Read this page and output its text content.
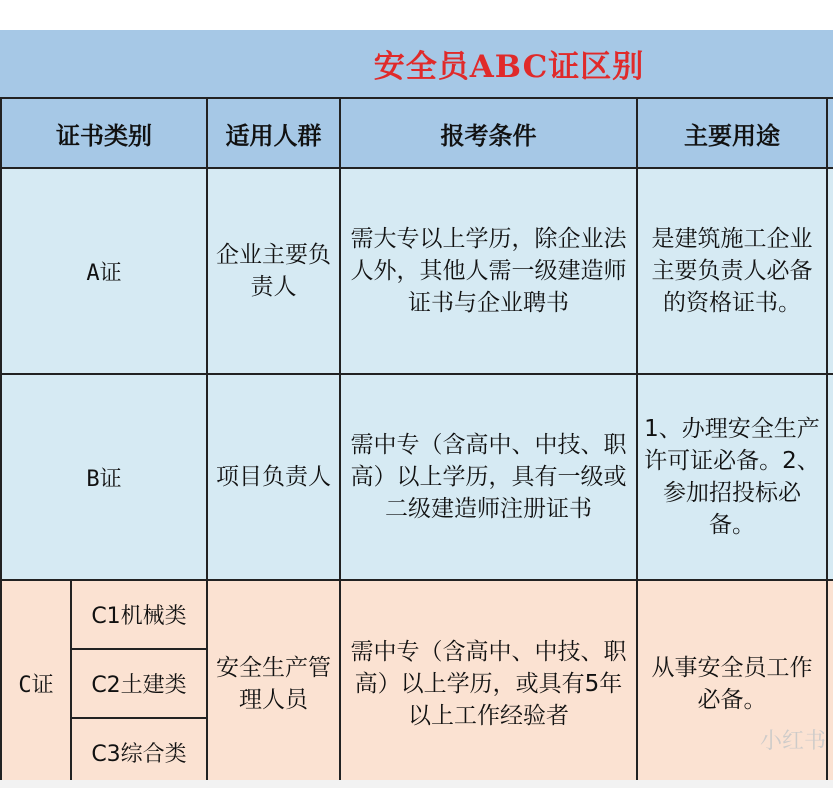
安全员ABC证区别
证书类别		适用人群	报考条件	主要用途	
A证		企业主要负责人	需大专以上学历，除企业法人外，其他人需一级建造师证书与企业聘书	是建筑施工企业主要负责人必备的资格证书。	
B证		项目负责人	需中专（含高中、中技、职高）以上学历，具有一级或二级建造师注册证书	1、办理安全生产许可证必备。2、参加招投标必备。	
C证	C1机械类	安全生产管理人员	需中专（含高中、中技、职高）以上学历，或具有5年以上工作经验者	从事安全员工作必备。	
	C2土建类				
	C3综合类				
小红书
